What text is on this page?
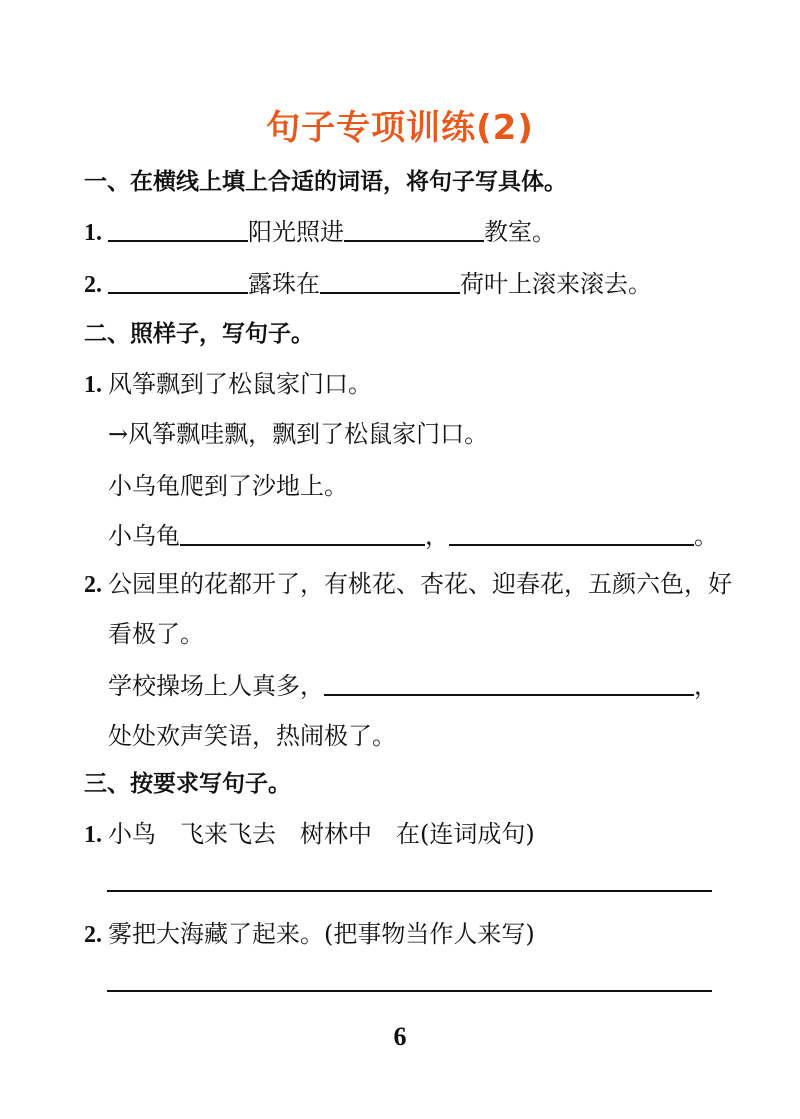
句子专项训练(2)
一、在横线上填上合适的词语，将句子写具体。
1.	阳光照进	教室。
2.	露珠在	荷叶上滚来滚去。
二、照样子，写句子。
1. 风筝飘到了松鼠家门口。
→风筝飘哇飘，飘到了松鼠家门口。
小乌龟爬到了沙地上。
小乌龟	，	。
2. 公园里的花都开了，有桃花、杏花、迎春花，五颜六色，好
看极了。
学校操场上人真多，	，
处处欢声笑语，热闹极了。
三、按要求写句子。
1. 小鸟　飞来飞去　树林中　在(连词成句)
2. 雾把大海藏了起来。(把事物当作人来写)
6
